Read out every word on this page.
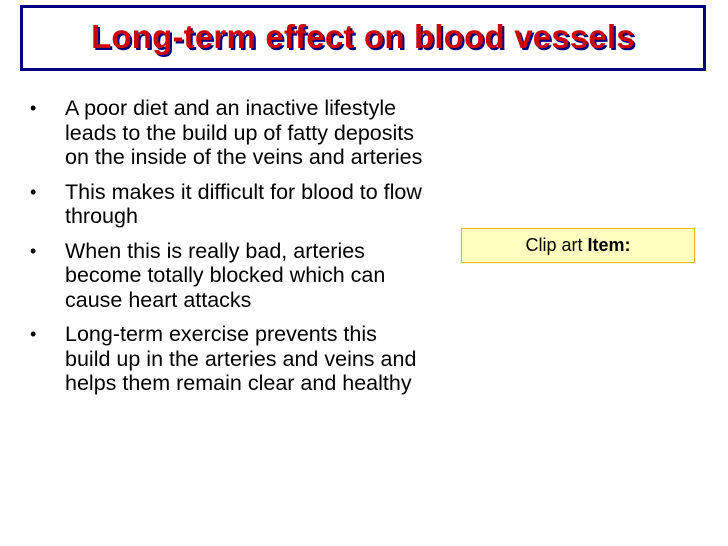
Long-term effect on blood vessels
• A poor diet and an inactive lifestyle leads to the build up of fatty deposits on the inside of the veins and arteries
• This makes it difficult for blood to flow through
• When this is really bad, arteries become totally blocked which can cause heart attacks
• Long-term exercise prevents this build up in the arteries and veins and helps them remain clear and healthy
Clip art Item:
